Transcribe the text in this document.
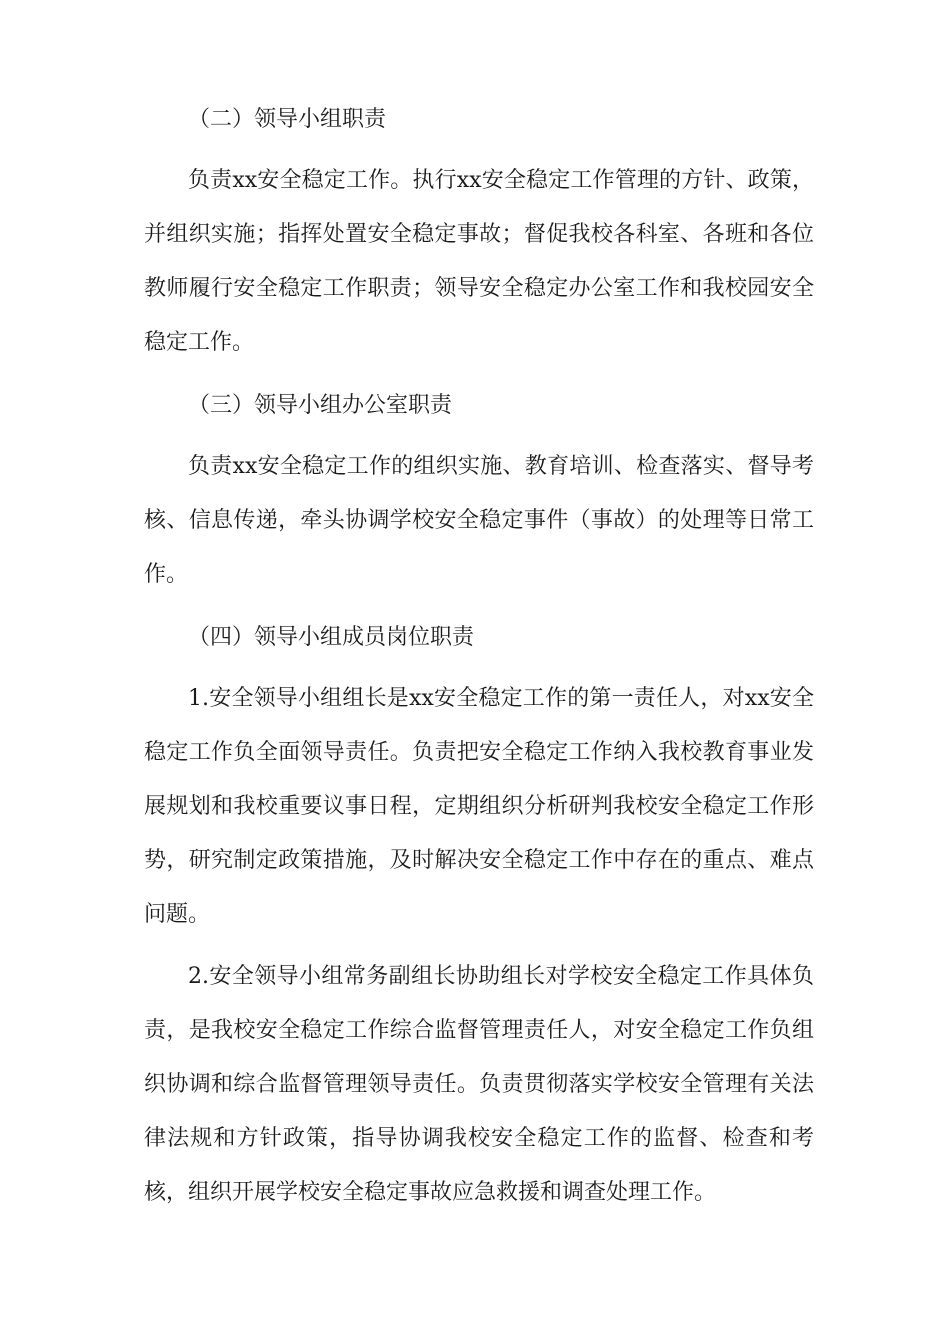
（二）领导小组职责

负责xx安全稳定工作。执行xx安全稳定工作管理的方针、政策，并组织实施；指挥处置安全稳定事故；督促我校各科室、各班和各位教师履行安全稳定工作职责；领导安全稳定办公室工作和我校园安全稳定工作。

（三）领导小组办公室职责

负责xx安全稳定工作的组织实施、教育培训、检查落实、督导考核、信息传递，牵头协调学校安全稳定事件（事故）的处理等日常工作。

（四）领导小组成员岗位职责

1.安全领导小组组长是xx安全稳定工作的第一责任人，对xx安全稳定工作负全面领导责任。负责把安全稳定工作纳入我校教育事业发展规划和我校重要议事日程，定期组织分析研判我校安全稳定工作形势，研究制定政策措施，及时解决安全稳定工作中存在的重点、难点问题。

2.安全领导小组常务副组长协助组长对学校安全稳定工作具体负责，是我校安全稳定工作综合监督管理责任人，对安全稳定工作负组织协调和综合监督管理领导责任。负责贯彻落实学校安全管理有关法律法规和方针政策，指导协调我校安全稳定工作的监督、检查和考核，组织开展学校安全稳定事故应急救援和调查处理工作。
